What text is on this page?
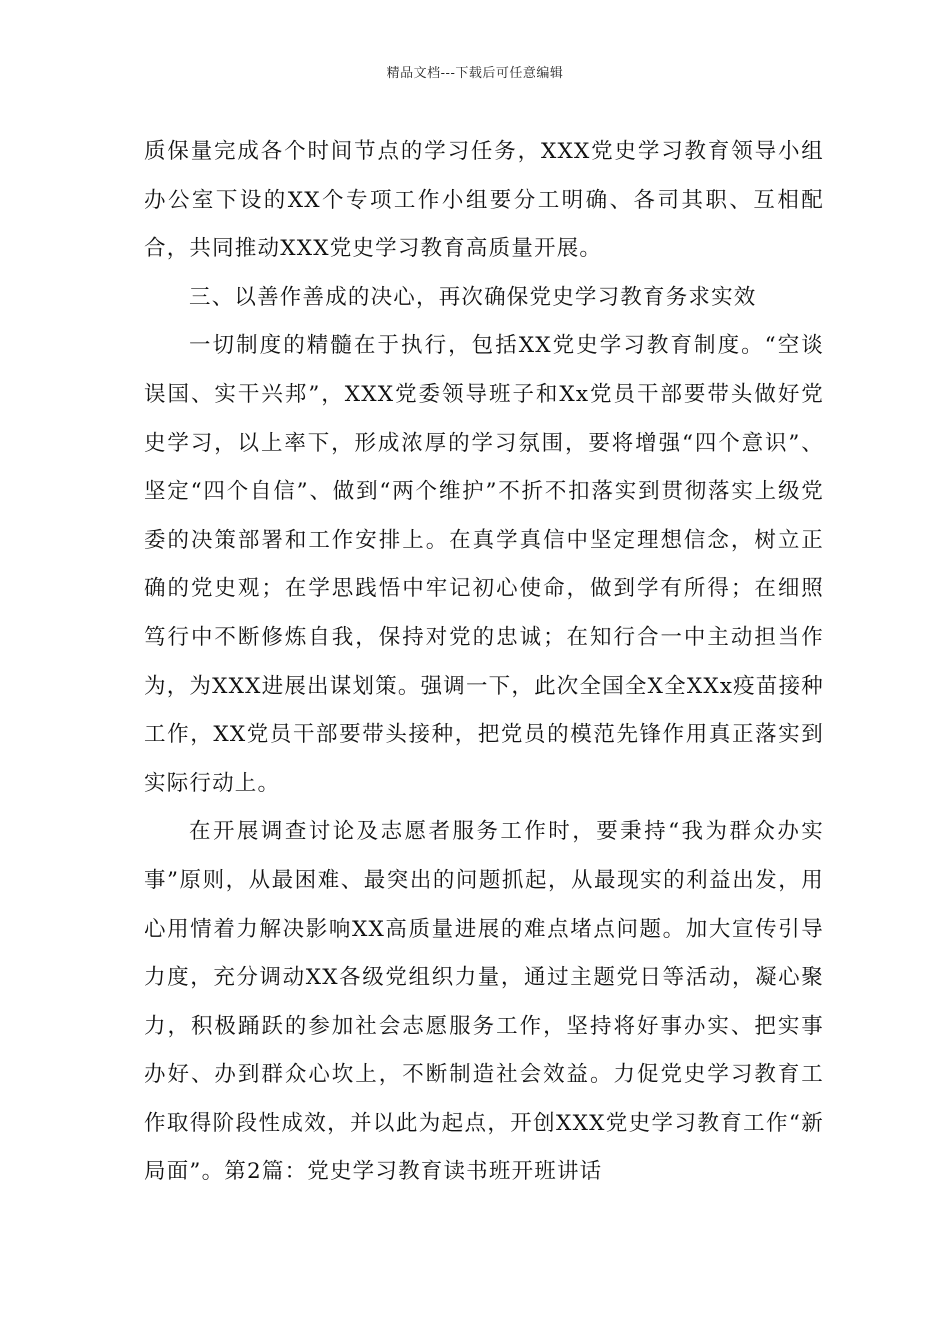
精品文档---下载后可任意编辑

质保量完成各个时间节点的学习任务，XXX党史学习教育领导小组办公室下设的XX个专项工作小组要分工明确、各司其职、互相配合，共同推动XXX党史学习教育高质量开展。

三、以善作善成的决心，再次确保党史学习教育务求实效

一切制度的精髓在于执行，包括XX党史学习教育制度。“空谈误国、实干兴邦”，XXX党委领导班子和Xx党员干部要带头做好党史学习，以上率下，形成浓厚的学习氛围，要将增强“四个意识”、坚定“四个自信”、做到“两个维护”不折不扣落实到贯彻落实上级党委的决策部署和工作安排上。在真学真信中坚定理想信念，树立正确的党史观；在学思践悟中牢记初心使命，做到学有所得；在细照笃行中不断修炼自我，保持对党的忠诚；在知行合一中主动担当作为，为XXX进展出谋划策。强调一下，此次全国全X全XXx疫苗接种工作，XX党员干部要带头接种，把党员的模范先锋作用真正落实到实际行动上。

在开展调查讨论及志愿者服务工作时，要秉持“我为群众办实事”原则，从最困难、最突出的问题抓起，从最现实的利益出发，用心用情着力解决影响XX高质量进展的难点堵点问题。加大宣传引导力度，充分调动XX各级党组织力量，通过主题党日等活动，凝心聚力，积极踊跃的参加社会志愿服务工作，坚持将好事办实、把实事办好、办到群众心坎上，不断制造社会效益。力促党史学习教育工作取得阶段性成效，并以此为起点，开创XXX党史学习教育工作“新局面”。第2篇：党史学习教育读书班开班讲话
